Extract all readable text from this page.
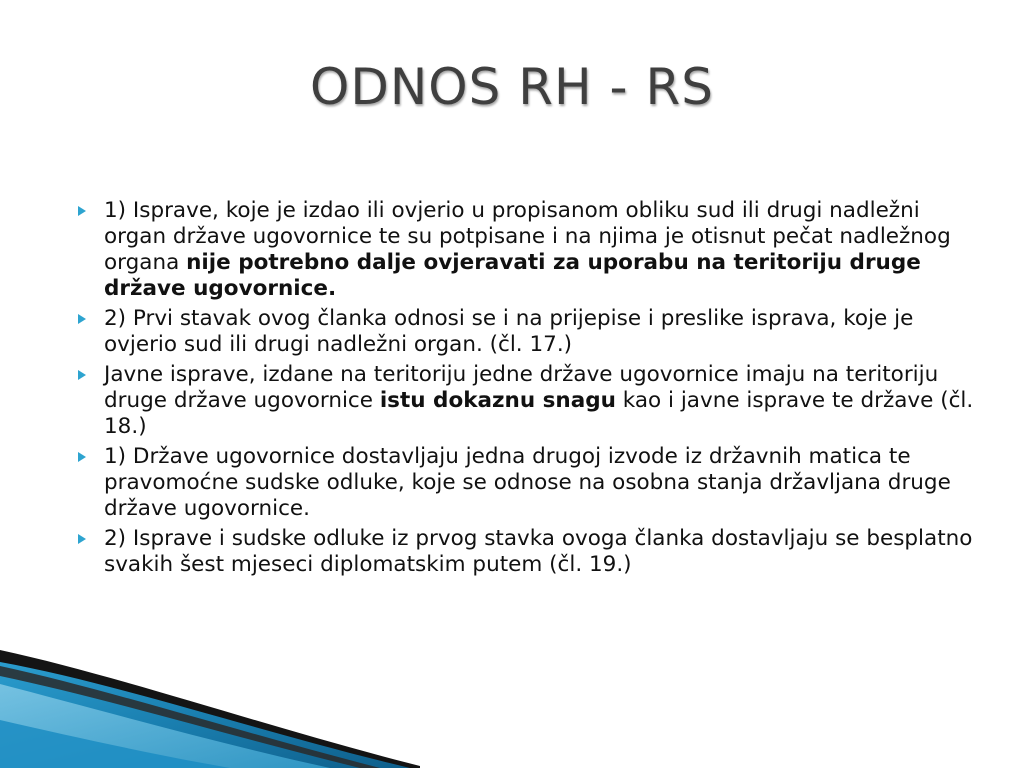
ODNOS RH - RS
1) Isprave, koje je izdao ili ovjerio u propisanom obliku sud ili drugi nadležni organ države ugovornice te su potpisane i na njima je otisnut pečat nadležnog organa nije potrebno dalje ovjeravati za uporabu na teritoriju druge države ugovornice.
2) Prvi stavak ovog članka odnosi se i na prijepise i preslike isprava, koje je ovjerio sud ili drugi nadležni organ. (čl. 17.)
Javne isprave, izdane na teritoriju jedne države ugovornice imaju na teritoriju druge države ugovornice istu dokaznu snagu kao i javne isprave te države (čl. 18.)
1) Države ugovornice dostavljaju jedna drugoj izvode iz državnih matica te pravomoćne sudske odluke, koje se odnose na osobna stanja državljana druge države ugovornice.
2) Isprave i sudske odluke iz prvog stavka ovoga članka dostavljaju se besplatno svakih šest mjeseci diplomatskim putem (čl. 19.)
